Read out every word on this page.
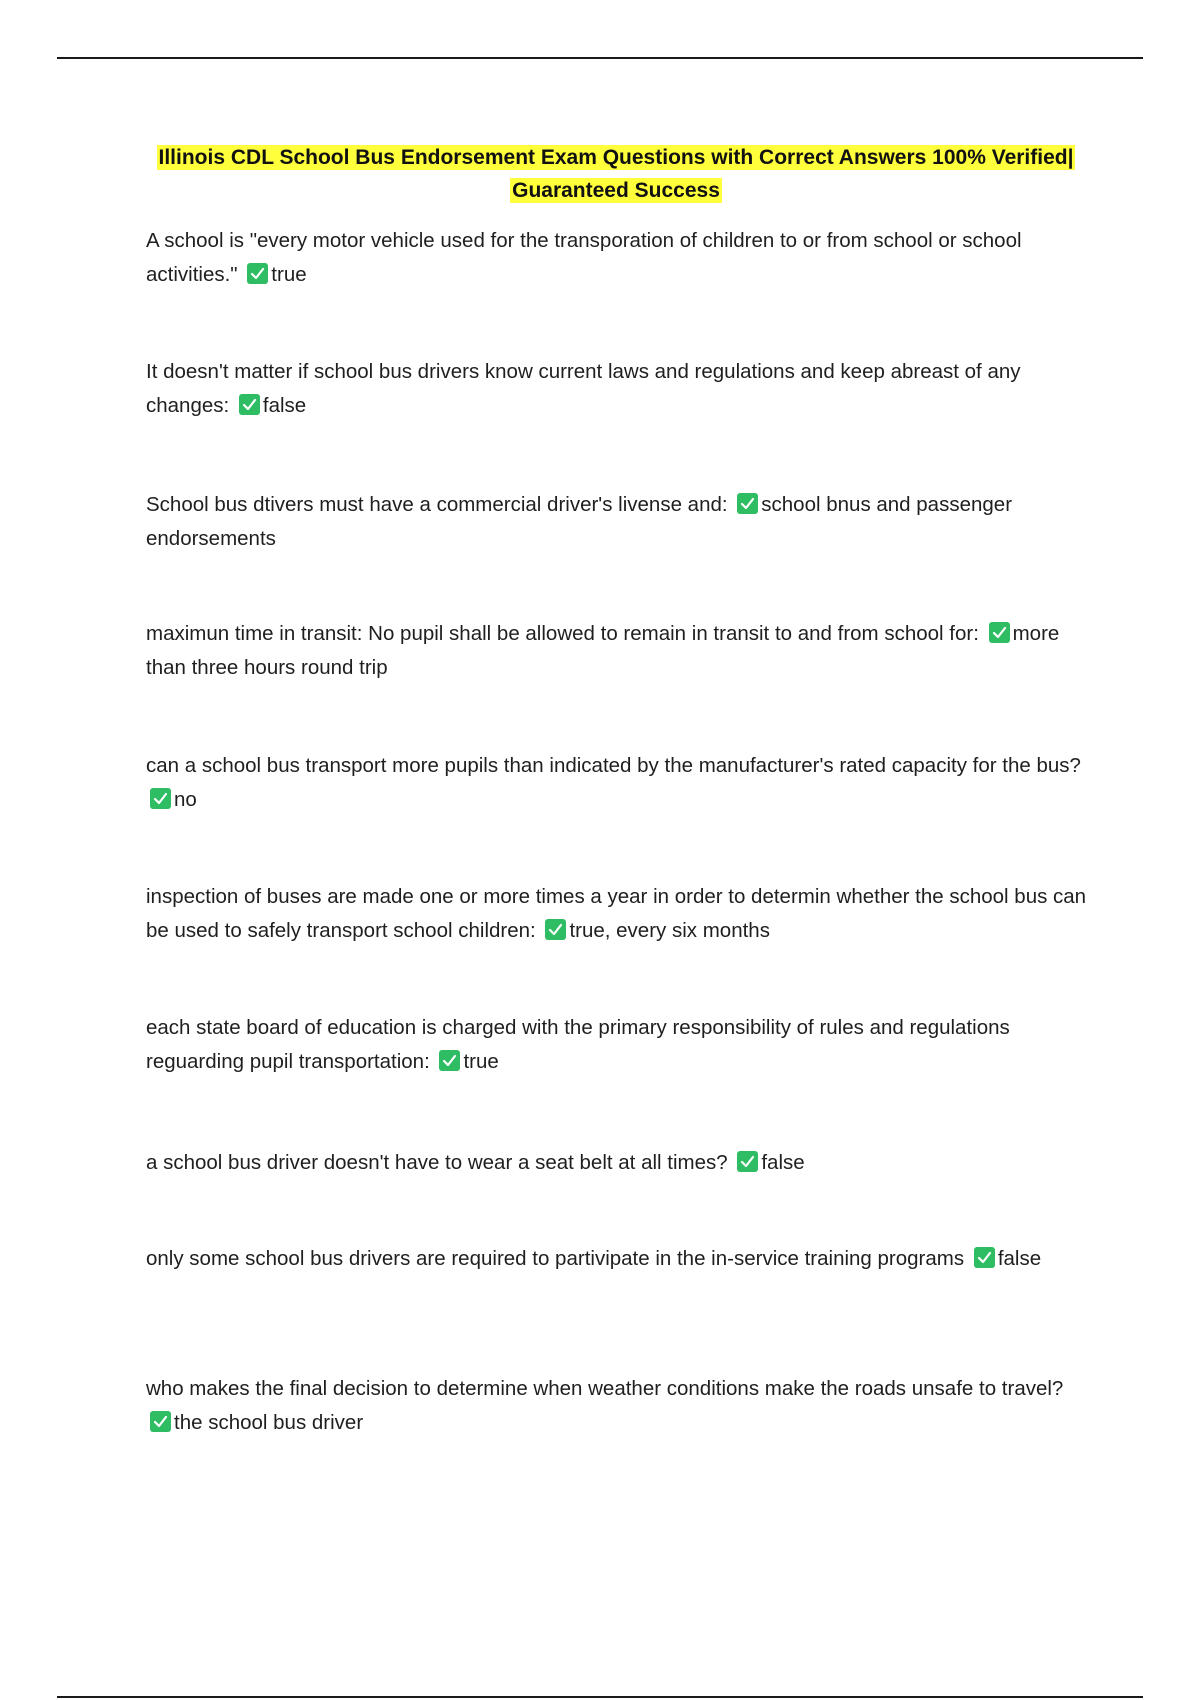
Illinois CDL School Bus Endorsement Exam Questions with Correct Answers 100% Verified|
Guaranteed Success
A school is "every motor vehicle used for the transporation of children to or from school or school activities." true
It doesn't matter if school bus drivers know current laws and regulations and keep abreast of any changes: false
School bus dtivers must have a commercial driver's livense and: school bnus and passenger endorsements
maximun time in transit: No pupil shall be allowed to remain in transit to and from school for: more than three hours round trip
can a school bus transport more pupils than indicated by the manufacturer's rated capacity for the bus?
no
inspection of buses are made one or more times a year in order to determin whether the school bus can be used to safely transport school children: true, every six months
each state board of education is charged with the primary responsibility of rules and regulations reguarding pupil transportation: true
a school bus driver doesn't have to wear a seat belt at all times? false
only some school bus drivers are required to partivipate in the in-service training programs false
who makes the final decision to determine when weather conditions make the roads unsafe to travel?
the school bus driver
